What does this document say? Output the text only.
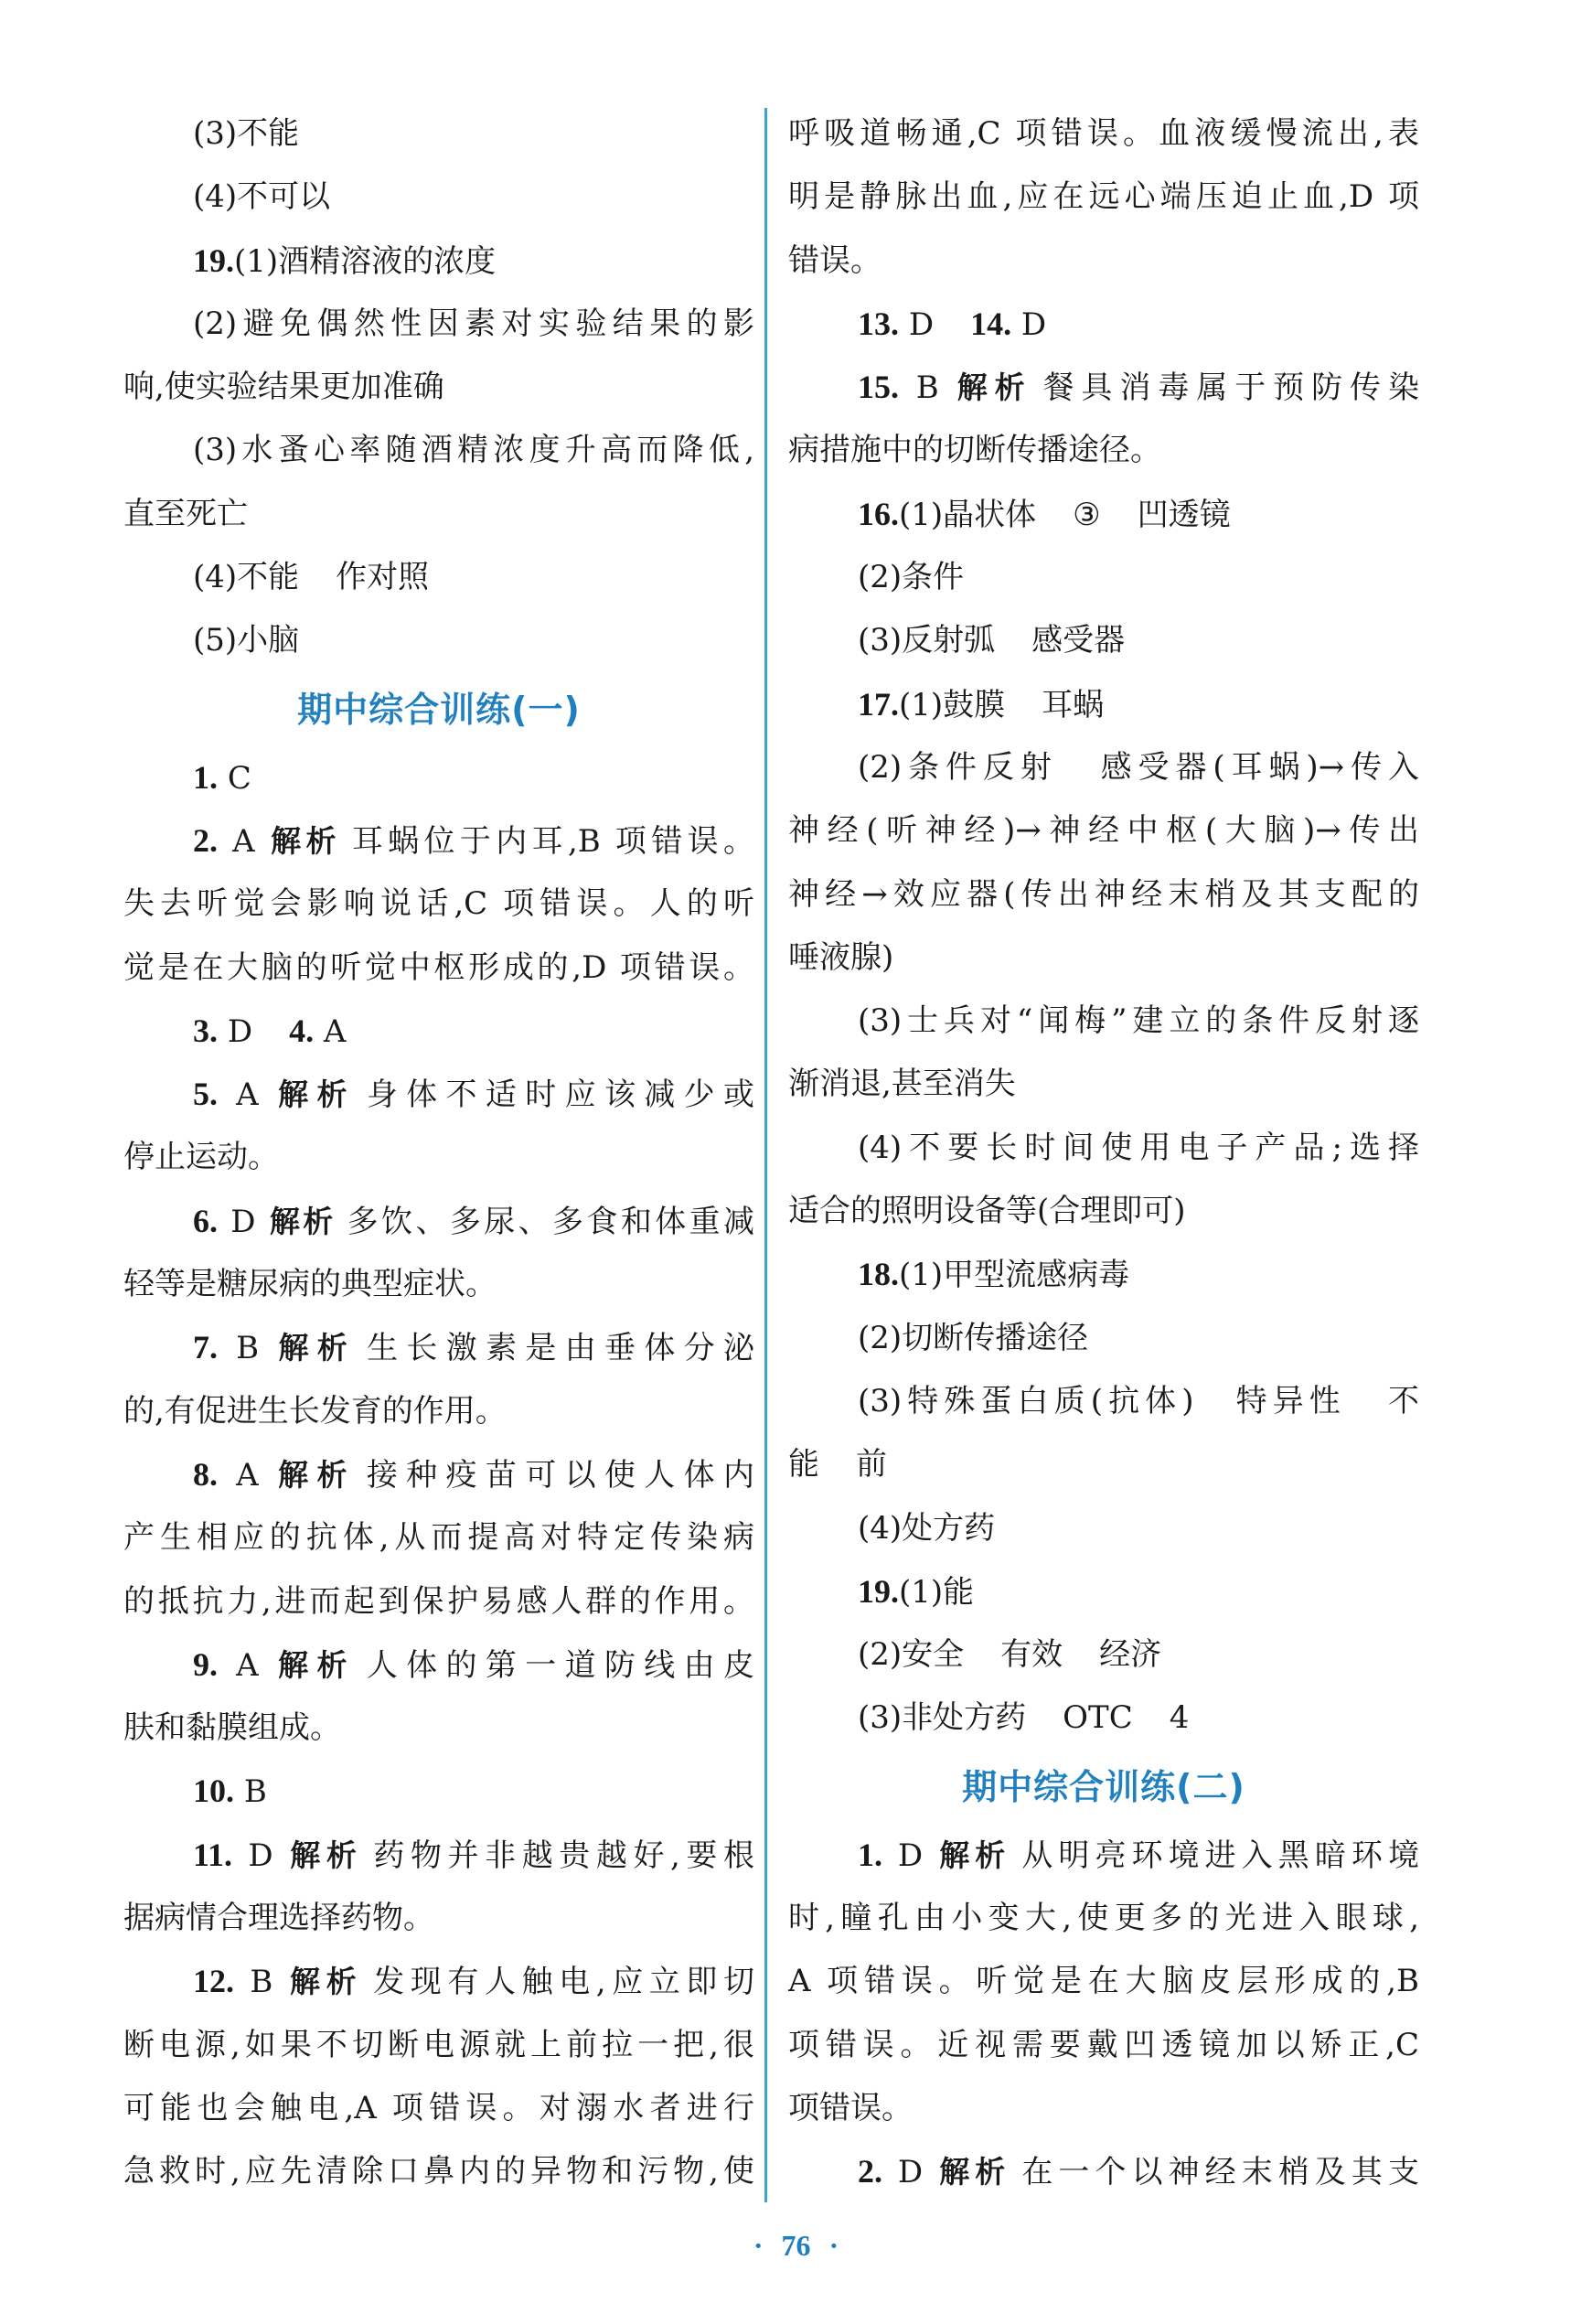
(3)不能
(4)不可以
19.(1)酒精溶液的浓度
(2)避免偶然性因素对实验结果的影
响,使实验结果更加准确
(3)水蚤心率随酒精浓度升高而降低,
直至死亡
(4)不能 作对照
(5)小脑
期中综合训练(一)
1. C
2. A 解析 耳蜗位于内耳,B 项错误。
失去听觉会影响说话,C 项错误。人的听
觉是在大脑的听觉中枢形成的,D 项错误。
3. D 4. A
5. A 解析 身体不适时应该减少或
停止运动。
6. D 解析 多饮、多尿、多食和体重减
轻等是糖尿病的典型症状。
7. B 解析 生长激素是由垂体分泌
的,有促进生长发育的作用。
8. A 解析 接种疫苗可以使人体内
产生相应的抗体,从而提高对特定传染病
的抵抗力,进而起到保护易感人群的作用。
9. A 解析 人体的第一道防线由皮
肤和黏膜组成。
10. B
11. D 解析 药物并非越贵越好,要根
据病情合理选择药物。
12. B 解析 发现有人触电,应立即切
断电源,如果不切断电源就上前拉一把,很
可能也会触电,A 项错误。对溺水者进行
急救时,应先清除口鼻内的异物和污物,使
呼吸道畅通,C 项错误。血液缓慢流出,表
明是静脉出血,应在远心端压迫止血,D 项
错误。
13. D 14. D
15. B 解析 餐具消毒属于预防传染
病措施中的切断传播途径。
16.(1)晶状体 ③ 凹透镜
(2)条件
(3)反射弧 感受器
17.(1)鼓膜 耳蜗
(2)条件反射 感受器(耳蜗)→传入
神经(听神经)→神经中枢(大脑)→传出
神经→效应器(传出神经末梢及其支配的
唾液腺)
(3)士兵对“闻梅”建立的条件反射逐
渐消退,甚至消失
(4)不要长时间使用电子产品;选择
适合的照明设备等(合理即可)
18.(1)甲型流感病毒
(2)切断传播途径
(3)特殊蛋白质(抗体) 特异性 不
能 前
(4)处方药
19.(1)能
(2)安全 有效 经济
(3)非处方药 OTC 4
期中综合训练(二)
1. D 解析 从明亮环境进入黑暗环境
时,瞳孔由小变大,使更多的光进入眼球,
A 项错误。听觉是在大脑皮层形成的,B
项错误。近视需要戴凹透镜加以矫正,C
项错误。
2. D 解析 在一个以神经末梢及其支
· 76 ·
